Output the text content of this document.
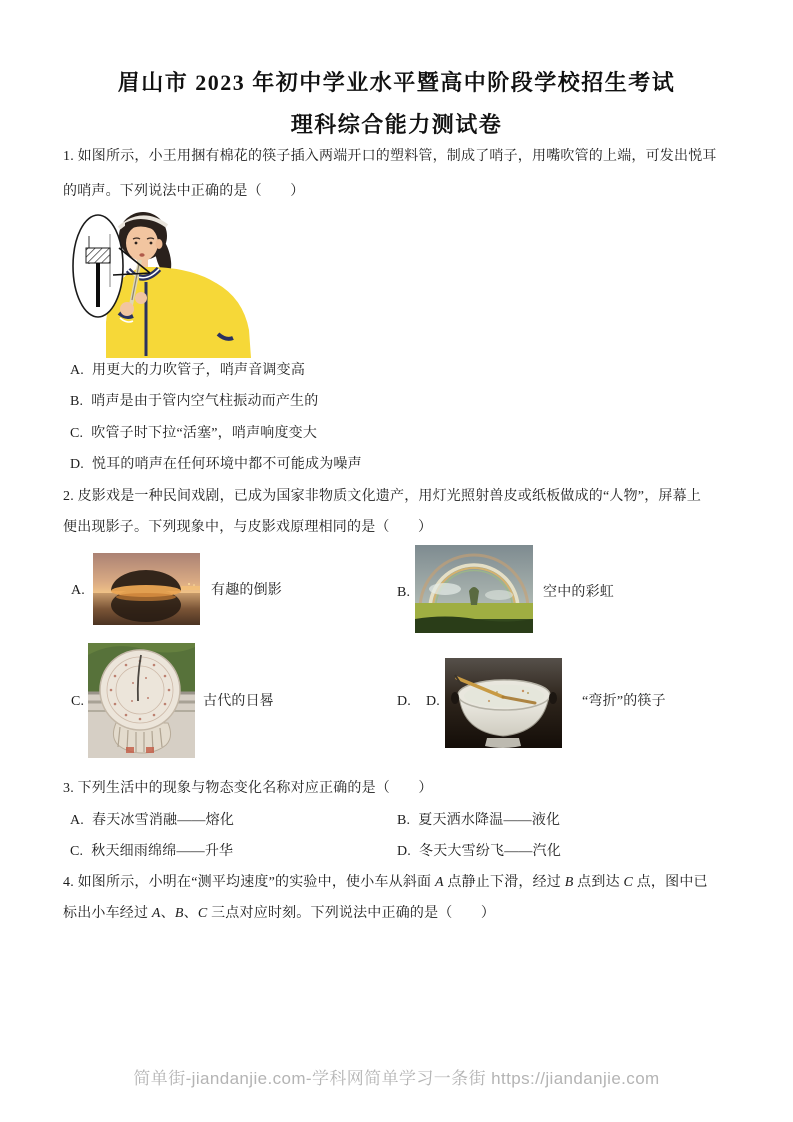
眉山市 2023 年初中学业水平暨高中阶段学校招生考试
理科综合能力测试卷
1. 如图所示，小王用捆有棉花的筷子插入两端开口的塑料管，制成了哨子，用嘴吹管的上端，可发出悦耳
的哨声。下列说法中正确的是（　　）
A. 用更大的力吹管子，哨声音调变高
B. 哨声是由于管内空气柱振动而产生的
C. 吹管子时下拉“活塞”，哨声响度变大
D. 悦耳的哨声在任何环境中都不可能成为噪声
2. 皮影戏是一种民间戏剧，已成为国家非物质文化遗产，用灯光照射兽皮或纸板做成的“人物”，屏幕上
便出现影子。下列现象中，与皮影戏原理相同的是（　　）
A.	有趣的倒影	B.	空中的彩虹
C.	古代的日晷	D. D.	“弯折”的筷子
3. 下列生活中的现象与物态变化名称对应正确的是（　　）
A. 春天冰雪消融——熔化	B. 夏天洒水降温——液化
C. 秋天细雨绵绵——升华	D. 冬天大雪纷飞——汽化
4. 如图所示，小明在“测平均速度”的实验中，使小车从斜面 A 点静止下滑，经过 B 点到达 C 点，图中已
标出小车经过 A、B、C 三点对应时刻。下列说法中正确的是（　　）
简单街-jiandanjie.com-学科网简单学习一条街 https://jiandanjie.com
